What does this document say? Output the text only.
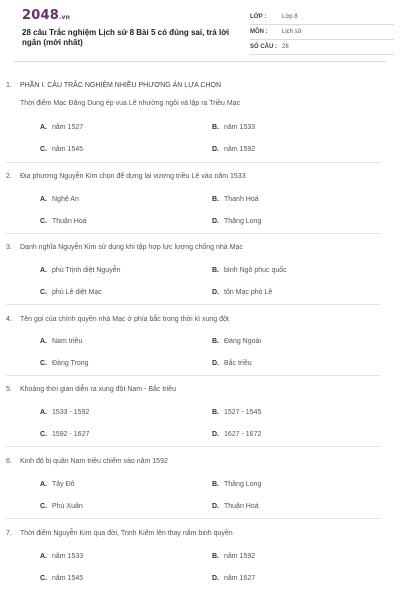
2048.vn
28 câu Trắc nghiệm Lịch sử 8 Bài 5 có đúng sai, trả lời ngắn (mới nhất)
LỚP :	Lớp 8
MÔN :	Lịch sử
SỐ CÂU : 28
1. PHẦN I. CÂU TRẮC NGHIỆM NHIỀU PHƯƠNG ÁN LỰA CHỌN
Thời điểm Mạc Đăng Dung ép vua Lê nhường ngôi và lập ra Triều Mạc
A. năm 1527	B. năm 1533
C. năm 1545	D. năm 1592
2. Địa phương Nguyễn Kim chọn để dựng lại vương triều Lê vào năm 1533
A. Nghệ An	B. Thanh Hoá
C. Thuận Hoá	D. Thăng Long
3. Danh nghĩa Nguyễn Kim sử dụng khi tập hợp lực lượng chống nhà Mạc
A. phù Trịnh diệt Nguyễn	B. bình Ngô phục quốc
C. phù Lê diệt Mạc	D. tôn Mạc phò Lê
4. Tên gọi của chính quyền nhà Mạc ở phía bắc trong thời kì xung đột
A. Nam triều	B. Đàng Ngoài
C. Đàng Trong	D. Bắc triều
5. Khoảng thời gian diễn ra xung đột Nam - Bắc triều
A. 1533 - 1592	B. 1527 - 1545
C. 1592 - 1627	D. 1627 - 1672
6. Kinh đô bị quân Nam triều chiếm vào năm 1592
A. Tây Đô	B. Thăng Long
C. Phú Xuân	D. Thuận Hoá
7. Thời điểm Nguyễn Kim qua đời, Trịnh Kiểm lên thay nắm binh quyền
A. năm 1533	B. năm 1592
C. năm 1545	D. năm 1627
